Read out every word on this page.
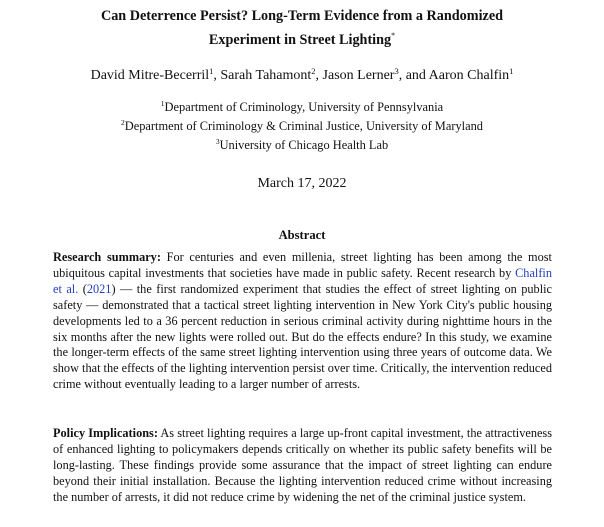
Can Deterrence Persist? Long-Term Evidence from a Randomized
Experiment in Street Lighting*
David Mitre-Becerril$^1$, Sarah Tahamont$^2$, Jason Lerner$^3$, and Aaron Chalfin$^1$
$^1$Department of Criminology, University of Pennsylvania
$^2$Department of Criminology & Criminal Justice, University of Maryland
$^3$University of Chicago Health Lab
March 17, 2022
Abstract
Research summary: For centuries and even millenia, street lighting has been among the most ubiquitous capital investments that societies have made in public safety. Recent research by Chalfin et al. (2021) — the first randomized experiment that studies the effect of street lighting on public safety — demonstrated that a tactical street lighting intervention in New York City's public housing developments led to a 36 percent reduction in serious criminal activity during nighttime hours in the six months after the new lights were rolled out. But do the effects endure? In this study, we examine the longer-term effects of the same street lighting intervention using three years of outcome data. We show that the effects of the lighting intervention persist over time. Critically, the intervention reduced crime without eventually leading to a larger number of arrests.
Policy Implications: As street lighting requires a large up-front capital investment, the attractiveness of enhanced lighting to policymakers depends critically on whether its public safety benefits will be long-lasting. These findings provide some assurance that the impact of street lighting can endure beyond their initial installation. Because the lighting intervention reduced crime without increasing the number of arrests, it did not reduce crime by widening the net of the criminal justice system.
